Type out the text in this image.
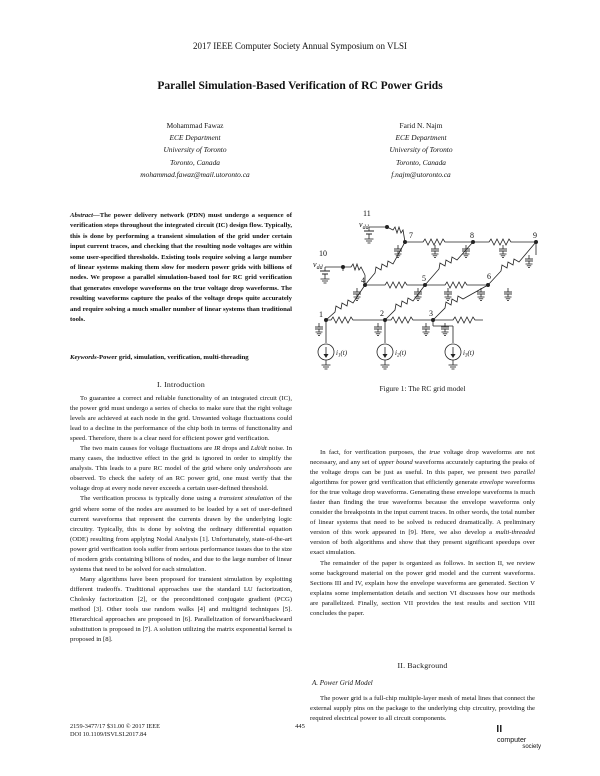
2017 IEEE Computer Society Annual Symposium on VLSI
Parallel Simulation-Based Verification of RC Power Grids
Mohammad Fawaz
ECE Department
University of Toronto
Toronto, Canada
mohammad.fawaz@mail.utoronto.ca
Farid N. Najm
ECE Department
University of Toronto
Toronto, Canada
f.najm@utoronto.ca
Abstract—The power delivery network (PDN) must undergo a sequence of verification steps throughout the integrated circuit (IC) design flow. Typically, this is done by performing a transient simulation of the grid under certain input current traces, and checking that the resulting node voltages are within some user-specified thresholds. Existing tools require solving a large number of linear systems making them slow for modern power grids with billions of nodes. We propose a parallel simulation-based tool for RC grid verification that generates envelope waveforms on the true voltage drop waveforms. The resulting waveforms capture the peaks of the voltage drops quite accurately and require solving a much smaller number of linear systems than traditional tools.
Keywords-Power grid, simulation, verification, multi-threading
I. Introduction

To guarantee a correct and reliable functionality of an integrated circuit (IC), the power grid must undergo a series of checks to make sure that the right voltage levels are achieved at each node in the grid. Unwanted voltage fluctuations could lead to a decline in the performance of the chip both in terms of functionality and speed. Therefore, there is a clear need for efficient power grid verification.

The two main causes for voltage fluctuations are IR drops and Ldi/dt noise. In many cases, the inductive effect in the grid is ignored in order to simplify the analysis. This leads to a pure RC model of the grid where only undershoots are observed. To check the safety of an RC power grid, one must verify that the voltage drop at every node never exceeds a certain user-defined threshold.

The verification process is typically done using a transient simulation of the grid where some of the nodes are assumed to be loaded by a set of user-defined current waveforms that represent the currents drawn by the underlying logic circuitry. Typically, this is done by solving the ordinary differential equation (ODE) resulting from applying Nodal Analysis [1]. Unfortunately, state-of-the-art power grid verification tools suffer from serious performance issues due to the size of modern grids containing billions of nodes, and due to the large number of linear systems that need to be solved for each simulation.

Many algorithms have been proposed for transient simulation by exploiting different tradeoffs. Traditional approaches use the standard LU factorization, Cholesky factorization [2], or the preconditioned conjugate gradient (PCG) method [3]. Other tools use random walks [4] and multigrid techniques [5]. Hierarchical approaches are proposed in [6]. Parallelization of forward/backward substitution is proposed in [7]. A solution utilizing the matrix exponential kernel is proposed in [8].

1	2	3
4	5	6
7	8	9
10
11
$v_{dd}$
$v_{dd}$
$i_1(t)$	$i_2(t)$	$i_3(t)$
Figure 1: The RC grid model

In fact, for verification purposes, the true voltage drop waveforms are not necessary, and any set of upper bound waveforms accurately capturing the peaks of the voltage drops can be just as useful. In this paper, we present two parallel algorithms for power grid verification that efficiently generate envelope waveforms for the true voltage drop waveforms. Generating these envelope waveforms is much faster than finding the true waveforms because the envelope waveforms only consider the breakpoints in the input current traces. In other words, the total number of linear systems that need to be solved is reduced dramatically. A preliminary version of this work appeared in [9]. Here, we also develop a multi-threaded version of both algorithms and show that they present significant speedups over exact simulation.

The remainder of the paper is organized as follows. In section II, we review some background material on the power grid model and the current waveforms. Sections III and IV, explain how the envelope waveforms are generated. Section V explains some implementation details and section VI discusses how our methods are parallelized. Finally, section VII provides the test results and section VIII concludes the paper.

II. Background
A. Power Grid Model

The power grid is a full-chip multiple-layer mesh of metal lines that connect the external supply pins on the package to the underlying chip circuitry, providing the required electrical power to all circuit components.

2159-3477/17 $31.00 © 2017 IEEE
DOI 10.1109/ISVLSI.2017.84
445
computer
society
